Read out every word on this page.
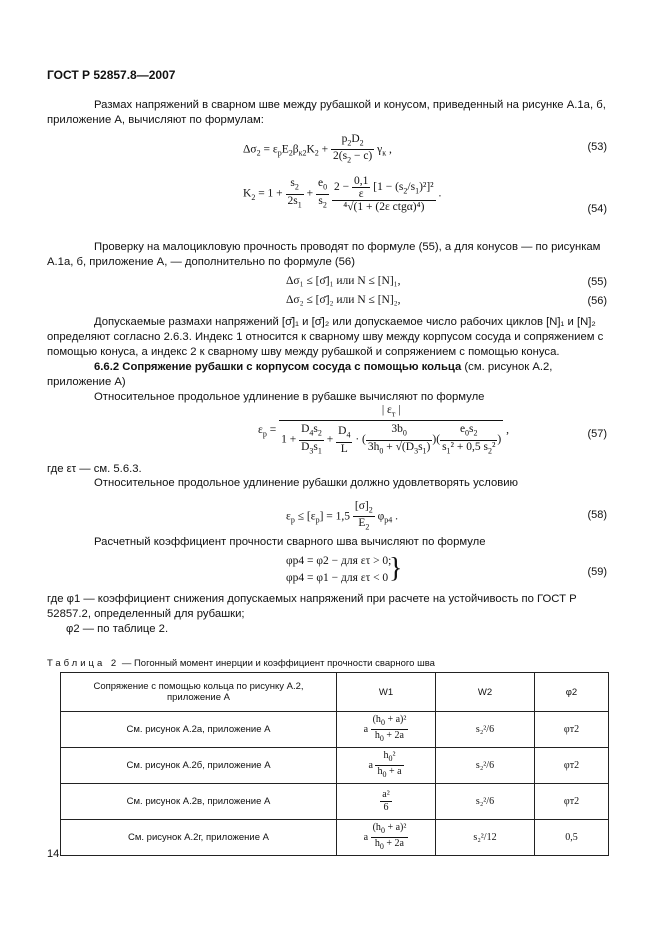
ГОСТ Р 52857.8—2007
Размах напряжений в сварном шве между рубашкой и конусом, приведенный на рисунке А.1а, б, приложение А, вычисляют по формулам:
$\Delta\sigma_2 = \varepsilon_pE_2\beta_{к2}K_2 + \frac{p_2D_2}{2(s_2 - c)} \gamma_к$ ,	(53)
$K_2 = 1 + \frac{s_2}{2s_1} + \frac{e_0}{s_2}$
$\frac{2 - \frac{0,1}{\varepsilon} [1 - (s_2/s_1)^2]^2}{\text{⁴√(1 + (2ε ctgα)⁴)}}$ .
(54)
Проверку на малоцикловую прочность проводят по формуле (55), а для конусов — по рисункам А.1а, б, приложение А, — дополнительно по формуле (56)
Δσ₁ ≤ [σ̄]₁ или N ≤ [N]₁,	(55)
Δσ₂ ≤ [σ̄]₂ или N ≤ [N]₂,	(56)
Допускаемые размахи напряжений [σ̄]₁ и [σ̄]₂ или допускаемое число рабочих циклов [N]₁ и [N]₂ определяют согласно 2.6.3. Индекс 1 относится к сварному шву между корпусом сосуда и сопряжением с помощью конуса, а индекс 2 к сварному шву между рубашкой и сопряжением с помощью конуса.
6.6.2 Сопряжение рубашки с корпусом сосуда с помощью кольца (см. рисунок А.2, приложение А)
Относительное продольное удлинение в рубашке вычисляют по формуле
$\varepsilon_p = \frac{| \varepsilon_т |}{1 + \frac{D_4s_2}{D_3s_1} + \frac{D_4}{L} \cdot ( \frac{3b_0}{3h_0 + √(D_3s_1)} )( \frac{e_0s_2}{s_1^2 + 0,5 s_2^2} )}$ ,	(57)
где ετ — см. 5.6.3.
Относительное продольное удлинение рубашки должно удовлетворять условию
$\varepsilon_p \le [\varepsilon_p] = 1,5 \frac{[\sigma]_2}{E_2} \varphi_{p4}$ .	(58)
Расчетный коэффициент прочности сварного шва вычисляют по формуле
φp4 = φ2 − для ετ > 0;
φp4 = φ1 − для ετ < 0 }	(59)
где φ1 — коэффициент снижения допускаемых напряжений при расчете на устойчивость по ГОСТ Р 52857.2, определенный для рубашки;
φ2 — по таблице 2.
Таблица 2 — Погонный момент инерции и коэффициент прочности сварного шва
Сопряжение с помощью кольца по рисунку А.2, приложение А	W1	W2	φ2
См. рисунок А.2а, приложение А	a $\frac{(h_0 + a)^2}{h_0 + 2a}$	s₂²/6	φт2
См. рисунок А.2б, приложение А	a $\frac{h_0^2}{h_0 + a}$	s₂²/6	φт2
См. рисунок А.2в, приложение А	$\frac{\text{a²}}{6}$	s₂²/6	φт2
См. рисунок А.2г, приложение А	a $\frac{(h_0 + a)^2}{h_0 + 2a}$	s₂²/12	0,5
14
